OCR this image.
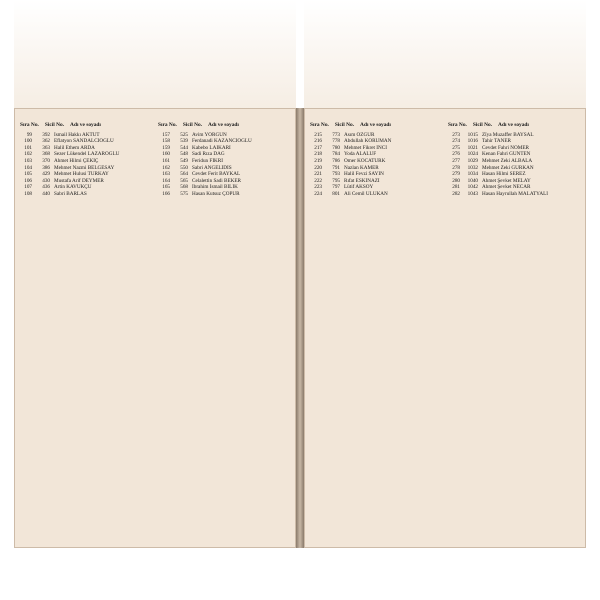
Sıra No. Sicil No. Adı ve soyadı
99	392 İsmail Hakkı AKTUT
100	362 Eflatyon SANDALCIOĞLU
101	363 Halil Ethem ARDA
102	368 Sezer Lükendel LAZAROĞLU
103	370 Ahmet Hilmi ÇEKİÇ
104	386 Mehmet Nazmi BELGESAY
105	429 Mehmet Hulusi TÜRKAY
106	430 Mustafa Arif DEYMER
107	436 Artin KAVUKÇU
108	440 Sabri BARLAS
Sıra No. Sicil No. Adı ve soyadı
157	525 Avim YORGUN
158	539 Ferdanadi KAZANCIOĞLU
159	544 Kabebo LAIKARI
160	548 Sadi Rıza DAĞ
161	549 Feridun FİKRİ
162	550 Sabri ANGELİDİS
163	564 Cevdet Ferit BAYKAL
164	565 Celalettin Sadi BEKER
165	568 İbrahim İsmail BİLİK
166	575 Hasan Kutsuz ÇOPUR
Sıra No. Sicil No. Adı ve soyadı
215	773 Asım ÖZGÜR
216	778 Abdullah KORUMAN
217	780 Mehmet Fikret İNCİ
218	784 Yoda ALALUF
219	786 Ömer KOCATÜRK
220	791 Nazlan KAMER
221	793 Halil Fevzi SAYIN
222	795 Rıfat ESKİNAZİ
223	797 Lütif AKSOY
224	801 Ali Cemil ULUKAN
Sıra No. Sicil No. Adı ve soyadı
273	1015 Zîya Muzaffer BAYSAL
274	1016 Tahir TANER
275	1021 Cevdet Fahri NOMER
276	1024 Kenan Fahri GÜNTEN
277	1029 Mehmet Zeki ALBALA
278	1032 Mehmet Zeki GÜRKAN
279	1034 Hasan Hilmi SEREZ
280	1040 Ahmet Şevket MELAY
281	1042 Ahmet Şevket NECAR
282	1043 Hasan Hayrullah MALATYALI
